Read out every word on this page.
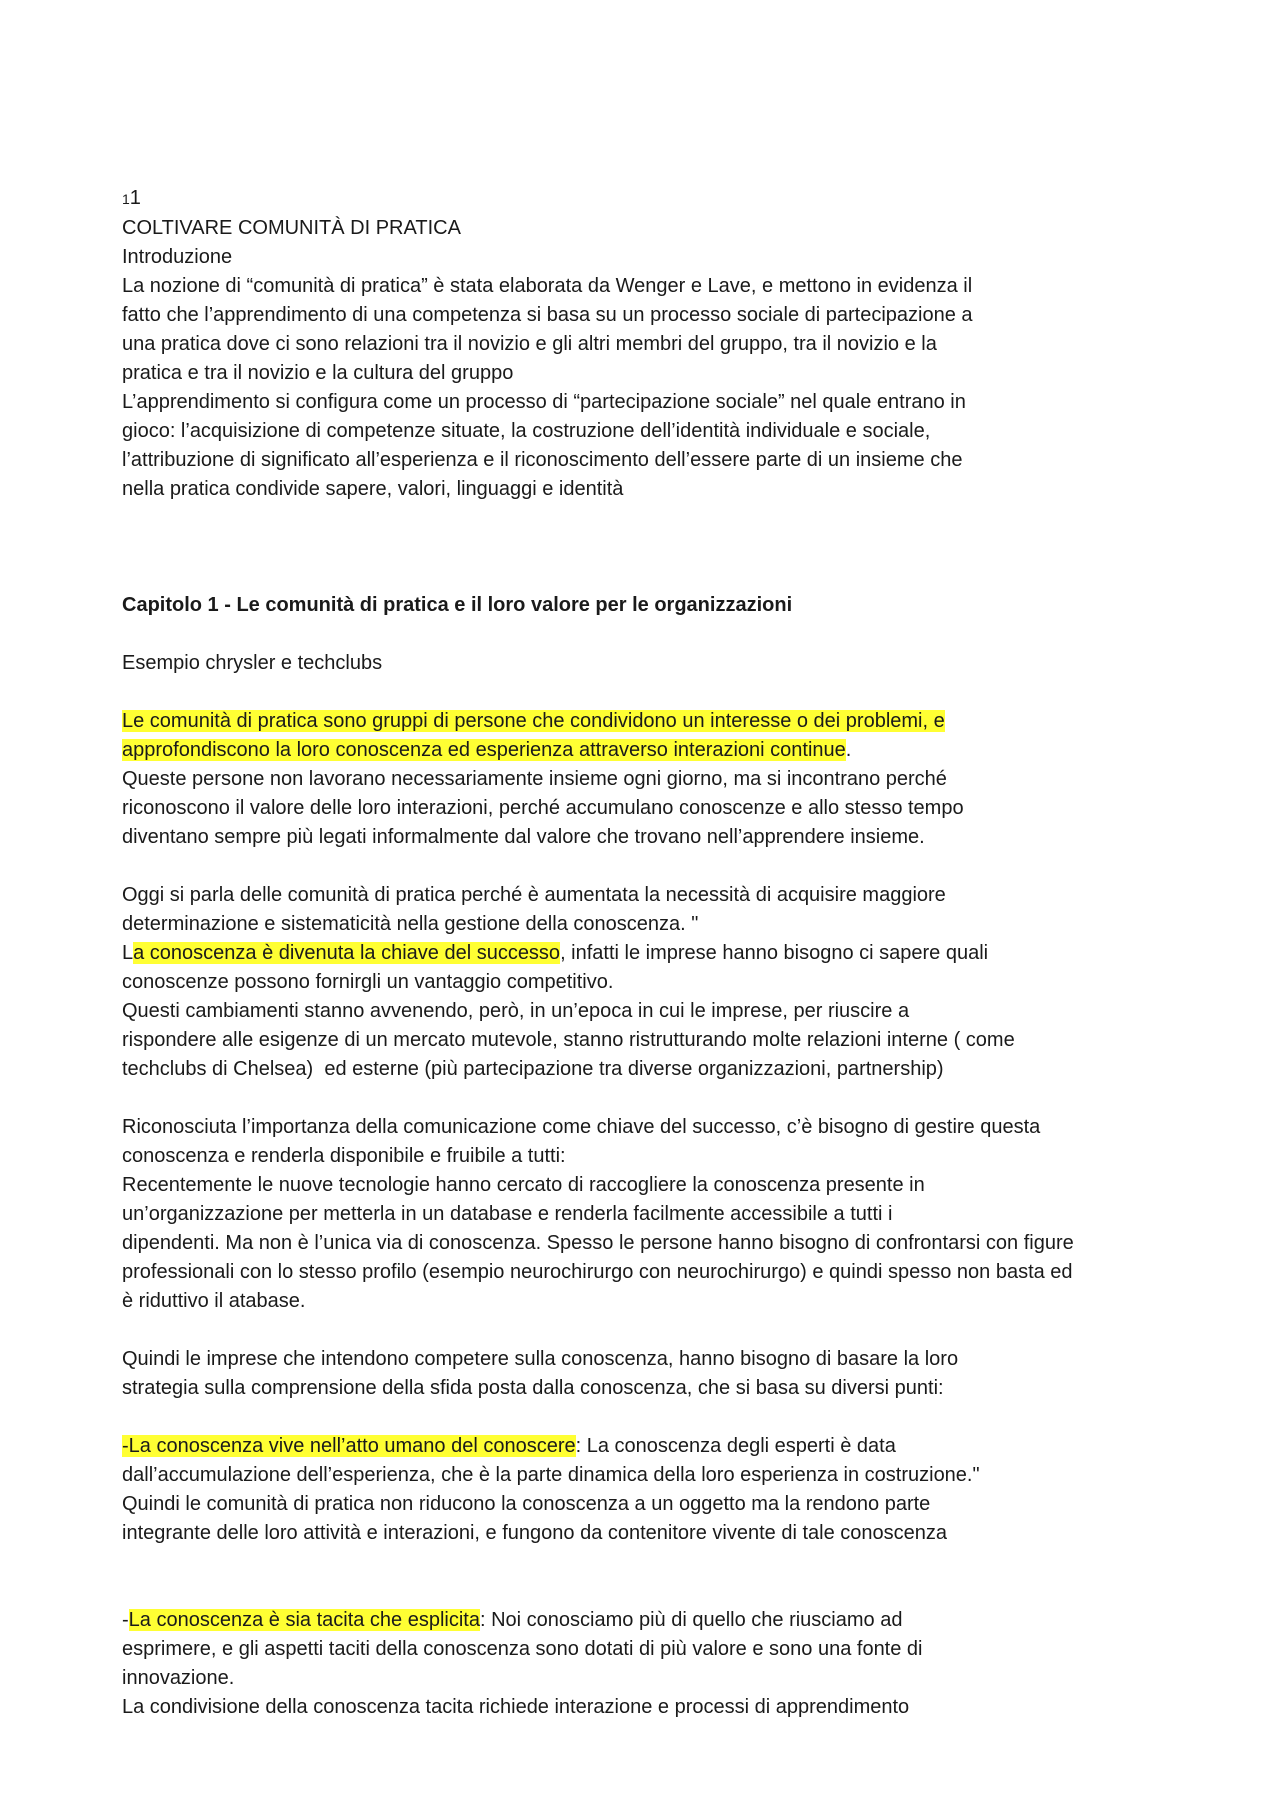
11
COLTIVARE COMUNITÀ DI PRATICA
Introduzione
La nozione di “comunità di pratica” è stata elaborata da Wenger e Lave, e mettono in evidenza il
fatto che l’apprendimento di una competenza si basa su un processo sociale di partecipazione a
una pratica dove ci sono relazioni tra il novizio e gli altri membri del gruppo, tra il novizio e la
pratica e tra il novizio e la cultura del gruppo
L’apprendimento si configura come un processo di “partecipazione sociale” nel quale entrano in
gioco: l’acquisizione di competenze situate, la costruzione dell’identità individuale e sociale,
l’attribuzione di significato all’esperienza e il riconoscimento dell’essere parte di un insieme che
nella pratica condivide sapere, valori, linguaggi e identità
Capitolo 1 - Le comunità di pratica e il loro valore per le organizzazioni
Esempio chrysler e techclubs
Le comunità di pratica sono gruppi di persone che condividono un interesse o dei problemi, e
approfondiscono la loro conoscenza ed esperienza attraverso interazioni continue.
Queste persone non lavorano necessariamente insieme ogni giorno, ma si incontrano perché
riconoscono il valore delle loro interazioni, perché accumulano conoscenze e allo stesso tempo
diventano sempre più legati informalmente dal valore che trovano nell’apprendere insieme.
Oggi si parla delle comunità di pratica perché è aumentata la necessità di acquisire maggiore
determinazione e sistematicità nella gestione della conoscenza. "
La conoscenza è divenuta la chiave del successo, infatti le imprese hanno bisogno ci sapere quali
conoscenze possono fornirgli un vantaggio competitivo.
Questi cambiamenti stanno avvenendo, però, in un’epoca in cui le imprese, per riuscire a
rispondere alle esigenze di un mercato mutevole, stanno ristrutturando molte relazioni interne ( come
techclubs di Chelsea)  ed esterne (più partecipazione tra diverse organizzazioni, partnership)
Riconosciuta l’importanza della comunicazione come chiave del successo, c’è bisogno di gestire questa
conoscenza e renderla disponibile e fruibile a tutti:
Recentemente le nuove tecnologie hanno cercato di raccogliere la conoscenza presente in
un’organizzazione per metterla in un database e renderla facilmente accessibile a tutti i
dipendenti. Ma non è l’unica via di conoscenza. Spesso le persone hanno bisogno di confrontarsi con figure
professionali con lo stesso profilo (esempio neurochirurgo con neurochirurgo) e quindi spesso non basta ed
è riduttivo il atabase.
Quindi le imprese che intendono competere sulla conoscenza, hanno bisogno di basare la loro
strategia sulla comprensione della sfida posta dalla conoscenza, che si basa su diversi punti:
-La conoscenza vive nell’atto umano del conoscere: La conoscenza degli esperti è data
dall’accumulazione dell’esperienza, che è la parte dinamica della loro esperienza in costruzione."
Quindi le comunità di pratica non riducono la conoscenza a un oggetto ma la rendono parte
integrante delle loro attività e interazioni, e fungono da contenitore vivente di tale conoscenza
-La conoscenza è sia tacita che esplicita: Noi conosciamo più di quello che riusciamo ad
esprimere, e gli aspetti taciti della conoscenza sono dotati di più valore e sono una fonte di
innovazione.
La condivisione della conoscenza tacita richiede interazione e processi di apprendimento
